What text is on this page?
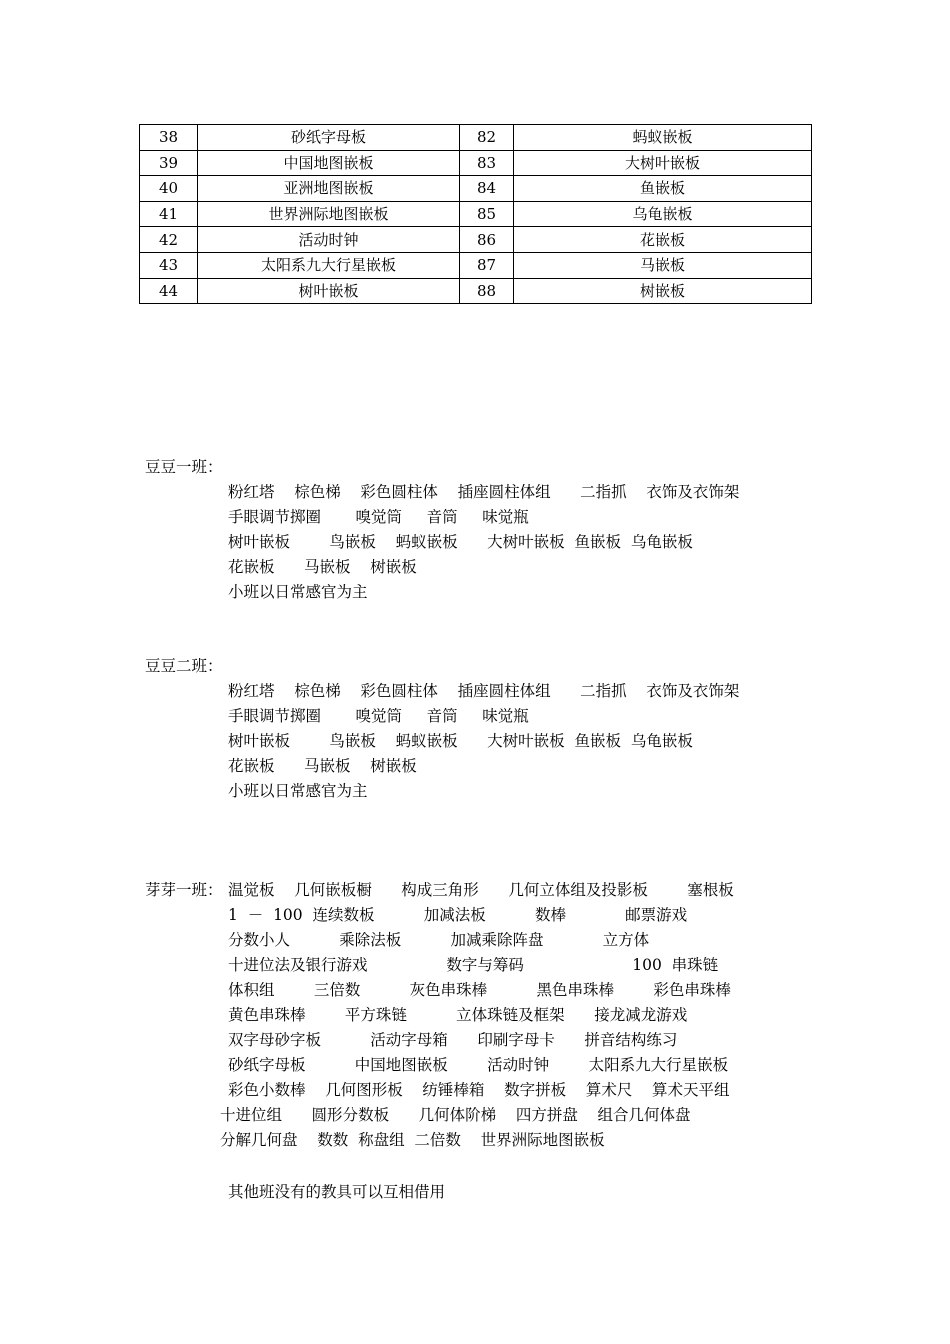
38	砂纸字母板	82	蚂蚁嵌板
39	中国地图嵌板	83	大树叶嵌板
40	亚洲地图嵌板	84	鱼嵌板
41	世界洲际地图嵌板	85	乌龟嵌板
42	活动时钟	86	花嵌板
43	太阳系九大行星嵌板	87	马嵌板
44	树叶嵌板	88	树嵌板
豆豆一班：
粉红塔    棕色梯    彩色圆柱体    插座圆柱体组      二指抓    衣饰及衣饰架
手眼调节掷圈       嗅觉筒     音筒     味觉瓶
树叶嵌板        鸟嵌板    蚂蚁嵌板      大树叶嵌板  鱼嵌板  乌龟嵌板
花嵌板      马嵌板    树嵌板
小班以日常感官为主
豆豆二班：
粉红塔    棕色梯    彩色圆柱体    插座圆柱体组      二指抓    衣饰及衣饰架
手眼调节掷圈       嗅觉筒     音筒     味觉瓶
树叶嵌板        鸟嵌板    蚂蚁嵌板      大树叶嵌板  鱼嵌板  乌龟嵌板
花嵌板      马嵌板    树嵌板
小班以日常感官为主
芽芽一班： 温觉板    几何嵌板橱      构成三角形      几何立体组及投影板        塞根板
1  －  100  连续数板          加减法板          数棒            邮票游戏
分数小人          乘除法板          加减乘除阵盘            立方体
十进位法及银行游戏                数字与筹码                      100  串珠链
体积组        三倍数          灰色串珠棒          黑色串珠棒        彩色串珠棒
黄色串珠棒        平方珠链          立体珠链及框架      接龙减龙游戏
双字母砂字板          活动字母箱      印刷字母卡      拼音结构练习
砂纸字母板          中国地图嵌板        活动时钟        太阳系九大行星嵌板
彩色小数棒    几何图形板    纺锤棒箱    数字拼板    算术尺    算术天平组
十进位组      圆形分数板      几何体阶梯    四方拼盘    组合几何体盘
分解几何盘    数数  称盘组  二倍数    世界洲际地图嵌板
其他班没有的教具可以互相借用
